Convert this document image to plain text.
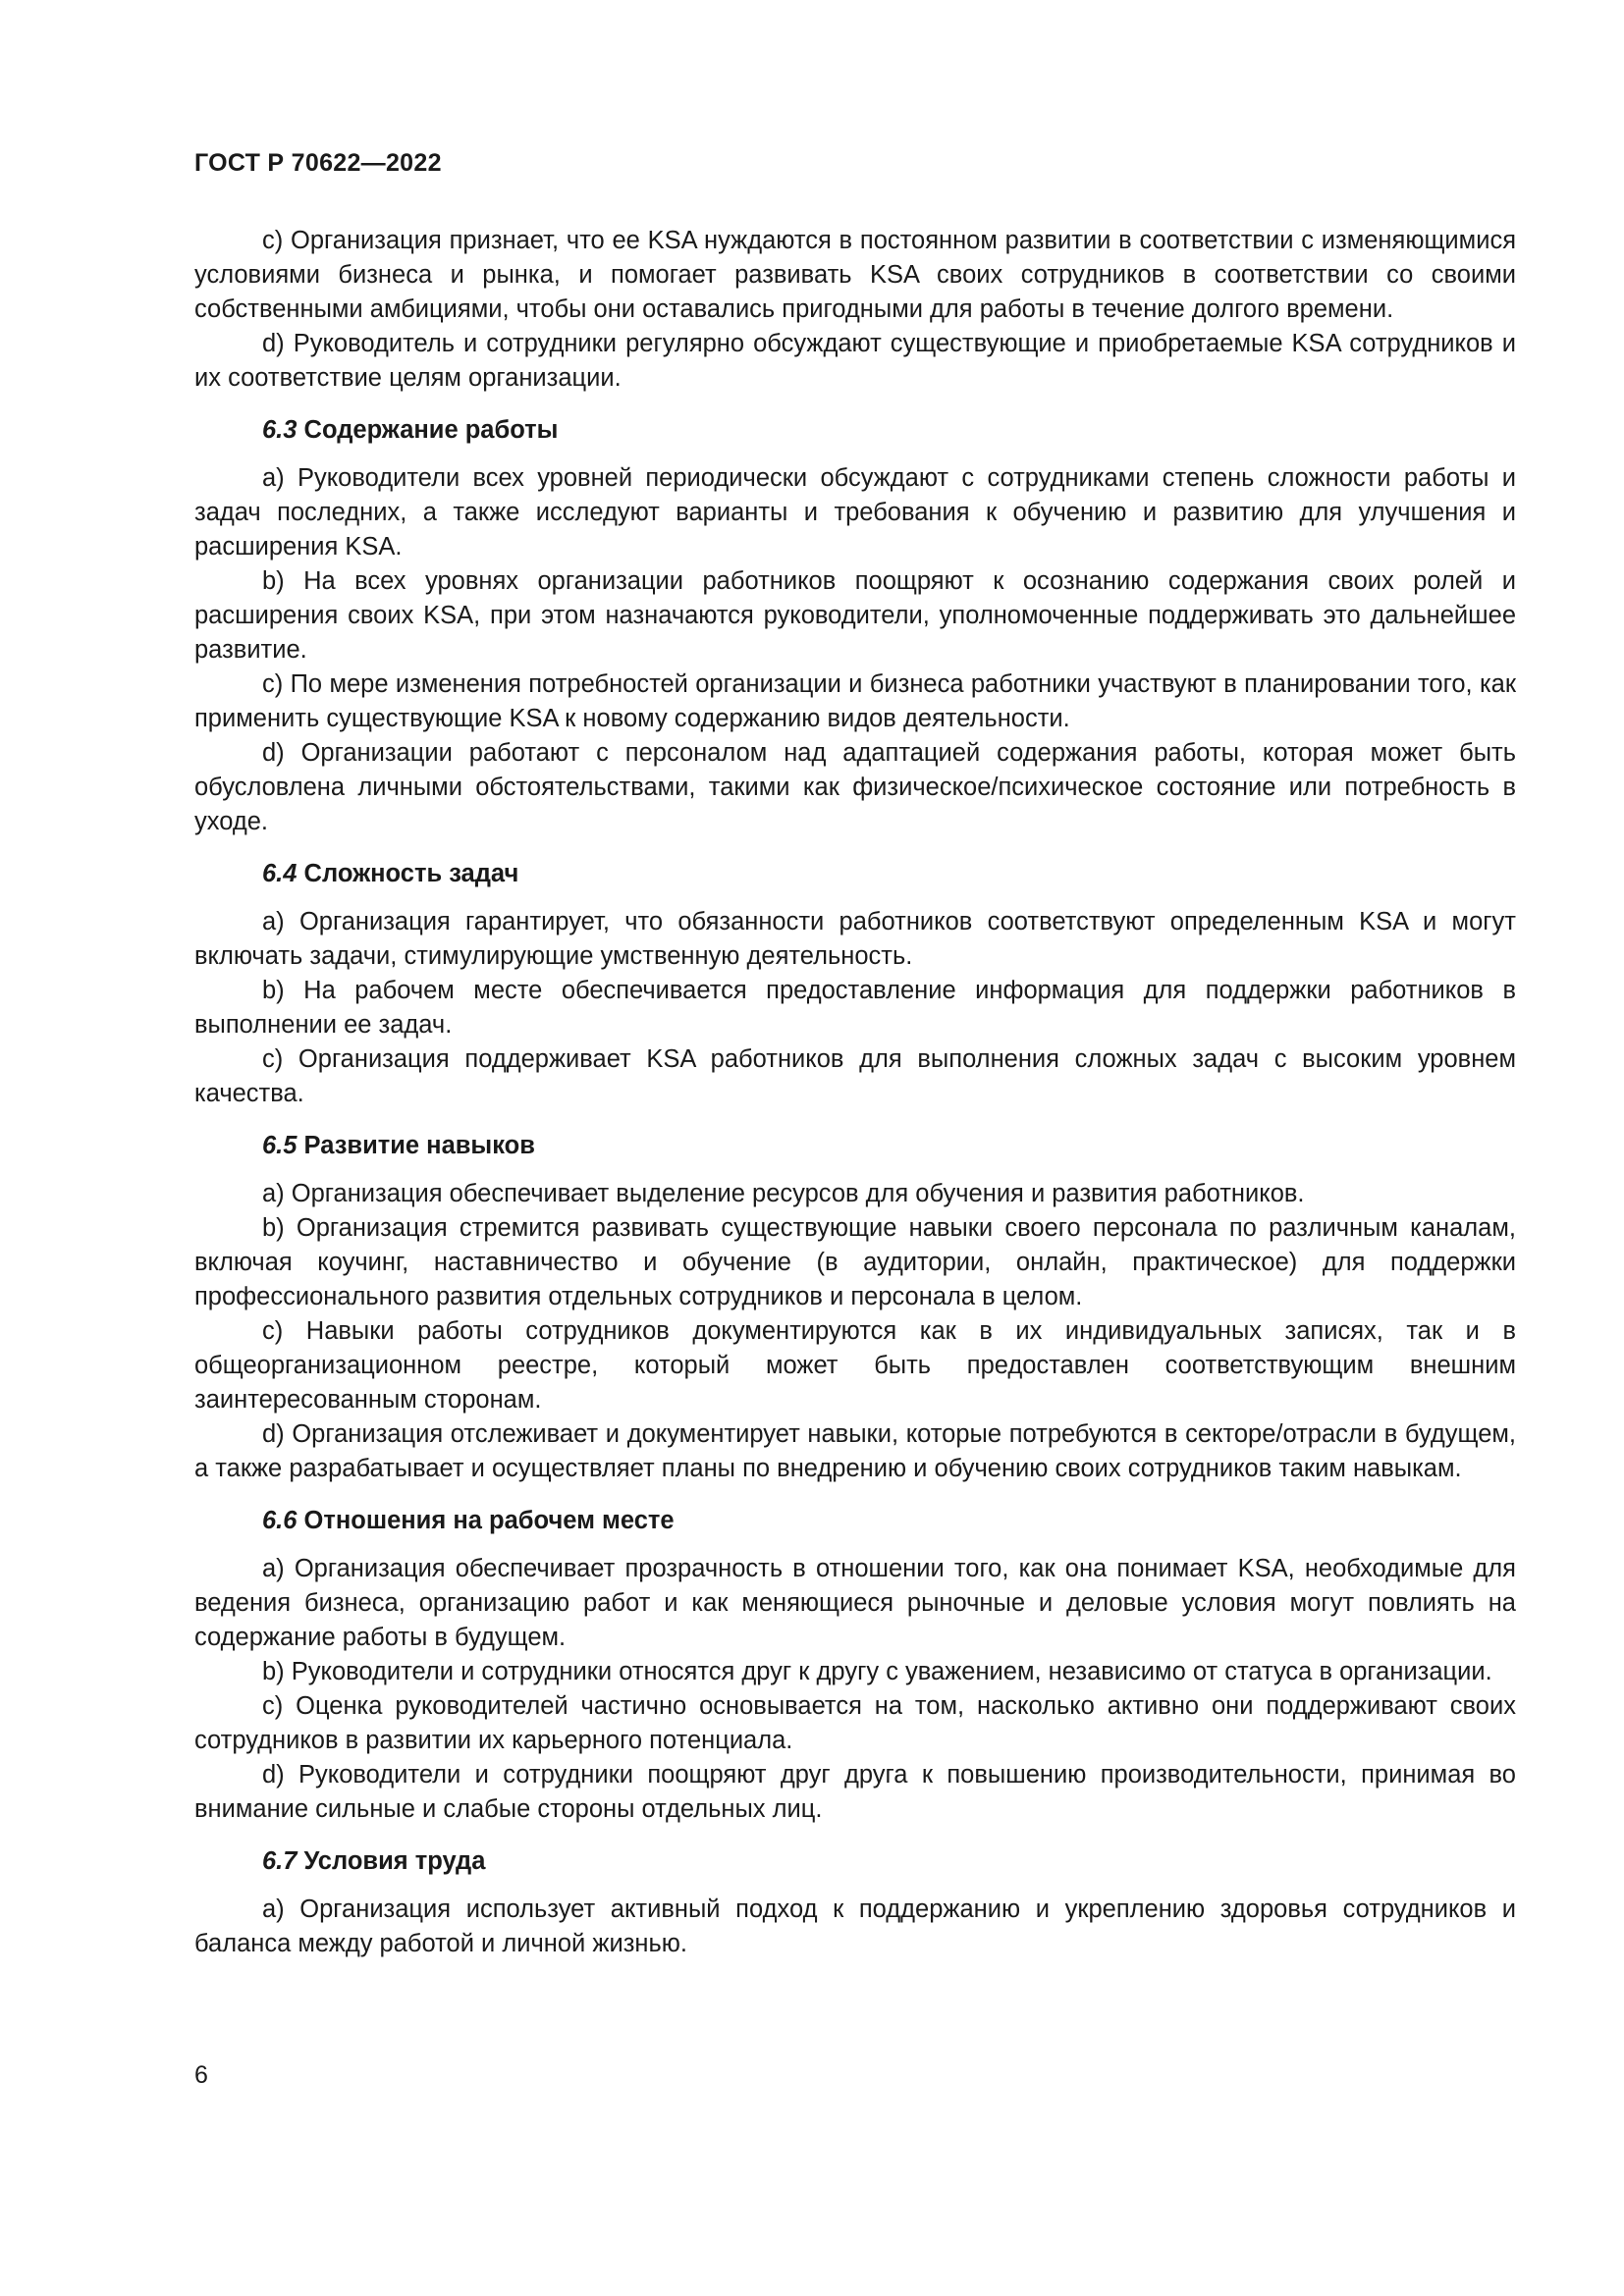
ГОСТ Р 70622—2022

c) Организация признает, что ее KSA нуждаются в постоянном развитии в соответствии с изменяющимися условиями бизнеса и рынка, и помогает развивать KSA своих сотрудников в соответствии со своими собственными амбициями, чтобы они оставались пригодными для работы в течение долгого времени.

d) Руководитель и сотрудники регулярно обсуждают существующие и приобретаемые KSA сотрудников и их соответствие целям организации.

6.3 Содержание работы

a) Руководители всех уровней периодически обсуждают с сотрудниками степень сложности работы и задач последних, а также исследуют варианты и требования к обучению и развитию для улучшения и расширения KSA.

b) На всех уровнях организации работников поощряют к осознанию содержания своих ролей и расширения своих KSA, при этом назначаются руководители, уполномоченные поддерживать это дальнейшее развитие.

c) По мере изменения потребностей организации и бизнеса работники участвуют в планировании того, как применить существующие KSA к новому содержанию видов деятельности.

d) Организации работают с персоналом над адаптацией содержания работы, которая может быть обусловлена личными обстоятельствами, такими как физическое/психическое состояние или потребность в уходе.

6.4 Сложность задач

a) Организация гарантирует, что обязанности работников соответствуют определенным KSA и могут включать задачи, стимулирующие умственную деятельность.

b) На рабочем месте обеспечивается предоставление информация для поддержки работников в выполнении ее задач.

c) Организация поддерживает KSA работников для выполнения сложных задач с высоким уровнем качества.

6.5 Развитие навыков

a) Организация обеспечивает выделение ресурсов для обучения и развития работников.

b) Организация стремится развивать существующие навыки своего персонала по различным каналам, включая коучинг, наставничество и обучение (в аудитории, онлайн, практическое) для поддержки профессионального развития отдельных сотрудников и персонала в целом.

c) Навыки работы сотрудников документируются как в их индивидуальных записях, так и в общеорганизационном реестре, который может быть предоставлен соответствующим внешним заинтересованным сторонам.

d) Организация отслеживает и документирует навыки, которые потребуются в секторе/отрасли в будущем, а также разрабатывает и осуществляет планы по внедрению и обучению своих сотрудников таким навыкам.

6.6 Отношения на рабочем месте

a) Организация обеспечивает прозрачность в отношении того, как она понимает KSA, необходимые для ведения бизнеса, организацию работ и как меняющиеся рыночные и деловые условия могут повлиять на содержание работы в будущем.

b) Руководители и сотрудники относятся друг к другу с уважением, независимо от статуса в организации.

c) Оценка руководителей частично основывается на том, насколько активно они поддерживают своих сотрудников в развитии их карьерного потенциала.

d) Руководители и сотрудники поощряют друг друга к повышению производительности, принимая во внимание сильные и слабые стороны отдельных лиц.

6.7 Условия труда

a) Организация использует активный подход к поддержанию и укреплению здоровья сотрудников и баланса между работой и личной жизнью.

6
